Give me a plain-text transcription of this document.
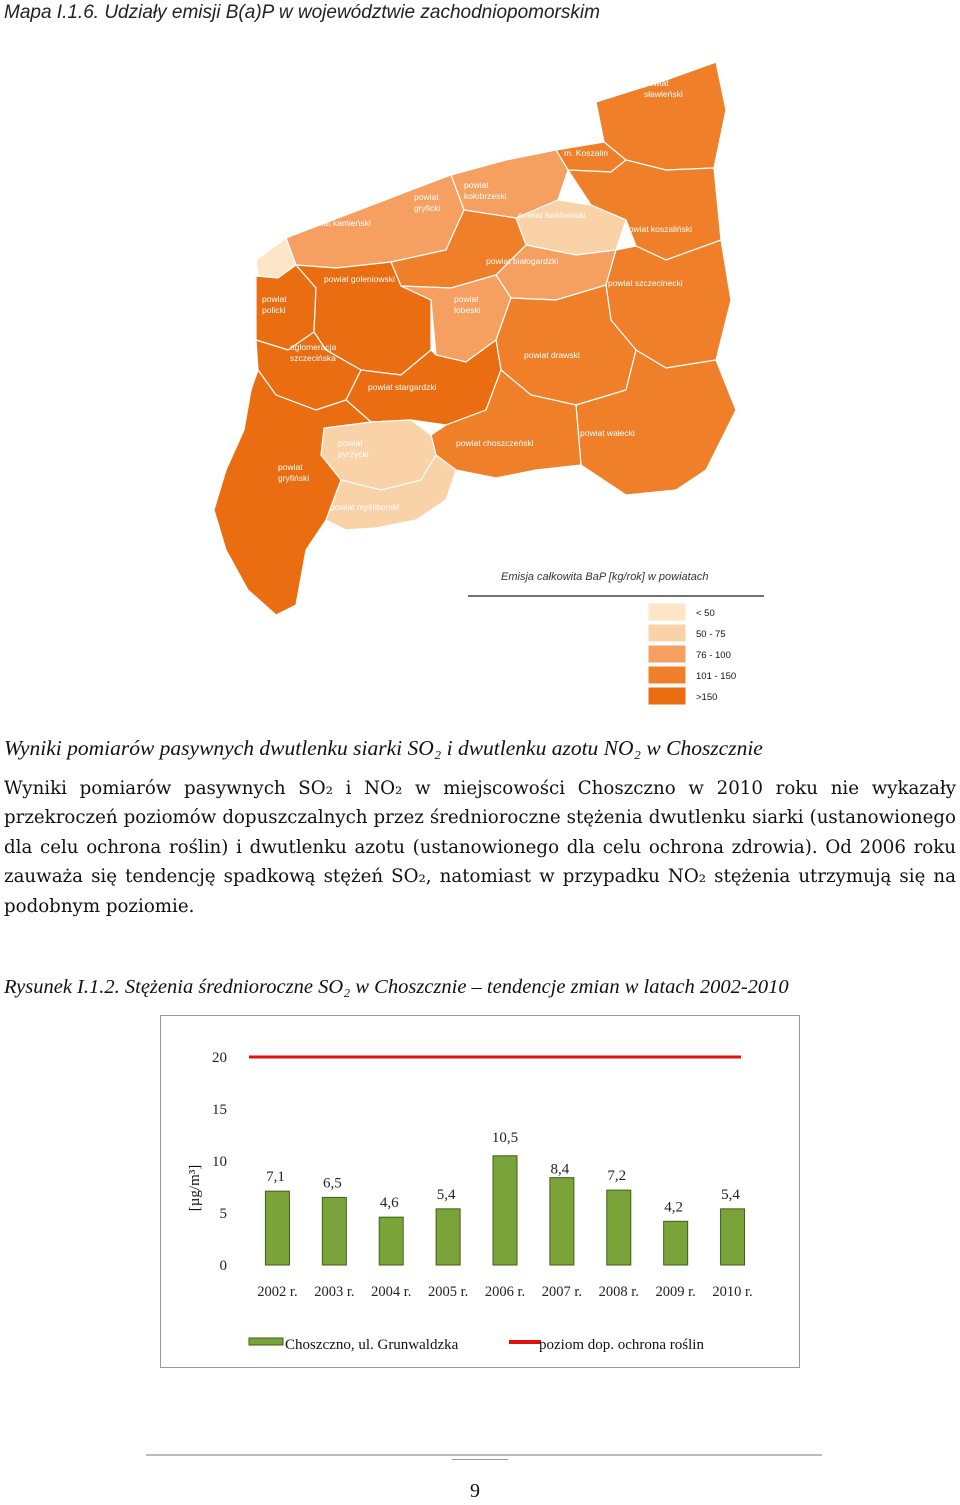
Mapa I.1.6. Udziały emisji B(a)P w województwie zachodniopomorskim
powiat
sławieński
m. Koszalin
powiat
kołobrzeski
powiat świdwiński
powiat koszaliński
powiat kamieński
powiat
gryficki
m. Świnoujście
powiat białogardzki
powiat szczecinecki
powiat
policki
powiat goleniowski
powiat
łobeski
aglomeracja
szczecińska	powiat drawski
powiat stargardzki
powiat
pyrzycki
powiat choszczeński
powiat wałecki
powiat
gryfiński
powiat myśliborski
Emisja całkowita BaP [kg/rok] w powiatach
< 50
50 - 75
76 - 100
101 - 150
>150
Wyniki pomiarów pasywnych dwutlenku siarki SO₂ i dwutlenku azotu NO₂ w Choszcznie
Wyniki pomiarów pasywnych SO₂ i NO₂ w miejscowości Choszczno w 2010 roku nie wykazały przekroczeń poziomów dopuszczalnych przez średnioroczne stężenia dwutlenku siarki (ustanowionego dla celu ochrona roślin) i dwutlenku azotu (ustanowionego dla celu ochrona zdrowia). Od 2006 roku zauważa się tendencję spadkową stężeń SO₂, natomiast w przypadku NO₂ stężenia utrzymują się na podobnym poziomie.
Rysunek I.1.2. Stężenia średnioroczne SO₂ w Choszcznie – tendencje zmian w latach 2002-2010
[µg/m³]
0
5
10
15
20
7,1	6,5
4,6
5,4
10,5
8,4	7,2
4,2
5,4
2002 r. 2003 r. 2004 r. 2005 r. 2006 r. 2007 r. 2008 r. 2009 r. 2010 r.
Choszczno, ul. Grunwaldzka	poziom dop. ochrona roślin
9
